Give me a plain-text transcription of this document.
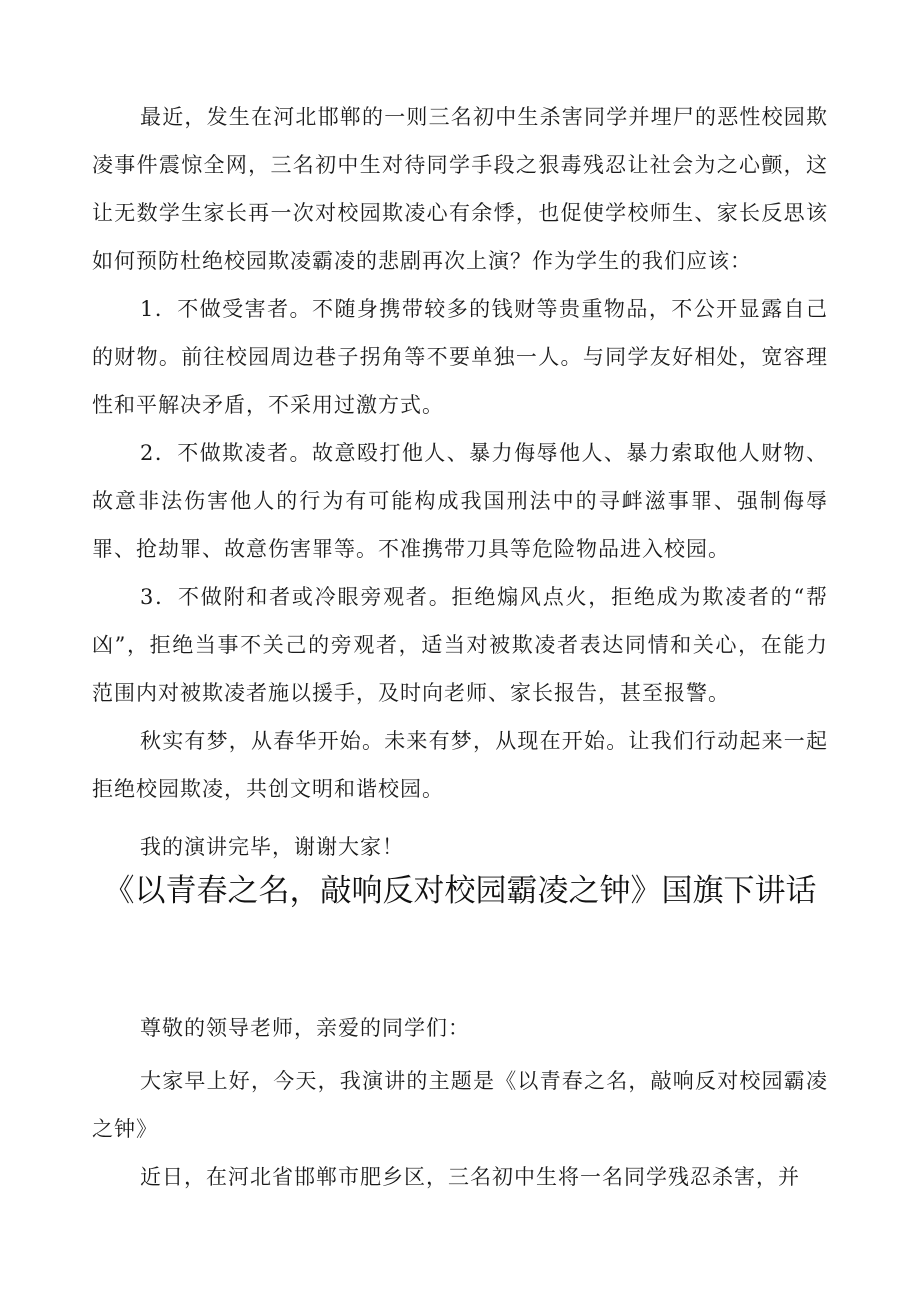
最近，发生在河北邯郸的一则三名初中生杀害同学并埋尸的恶性校园欺凌事件震惊全网，三名初中生对待同学手段之狠毒残忍让社会为之心颤，这让无数学生家长再一次对校园欺凌心有余悸，也促使学校师生、家长反思该如何预防杜绝校园欺凌霸凌的悲剧再次上演？作为学生的我们应该：

1．不做受害者。不随身携带较多的钱财等贵重物品，不公开显露自己的财物。前往校园周边巷子拐角等不要单独一人。与同学友好相处，宽容理性和平解决矛盾，不采用过激方式。

2．不做欺凌者。故意殴打他人、暴力侮辱他人、暴力索取他人财物、故意非法伤害他人的行为有可能构成我国刑法中的寻衅滋事罪、强制侮辱罪、抢劫罪、故意伤害罪等。不准携带刀具等危险物品进入校园。

3．不做附和者或冷眼旁观者。拒绝煽风点火，拒绝成为欺凌者的“帮凶”，拒绝当事不关己的旁观者，适当对被欺凌者表达同情和关心，在能力范围内对被欺凌者施以援手，及时向老师、家长报告，甚至报警。

秋实有梦，从春华开始。未来有梦，从现在开始。让我们行动起来一起拒绝校园欺凌，共创文明和谐校园。

我的演讲完毕，谢谢大家！

《以青春之名，敲响反对校园霸凌之钟》国旗下讲话

尊敬的领导老师，亲爱的同学们：

大家早上好，今天，我演讲的主题是《以青春之名，敲响反对校园霸凌之钟》

近日，在河北省邯郸市肥乡区，三名初中生将一名同学残忍杀害，并
